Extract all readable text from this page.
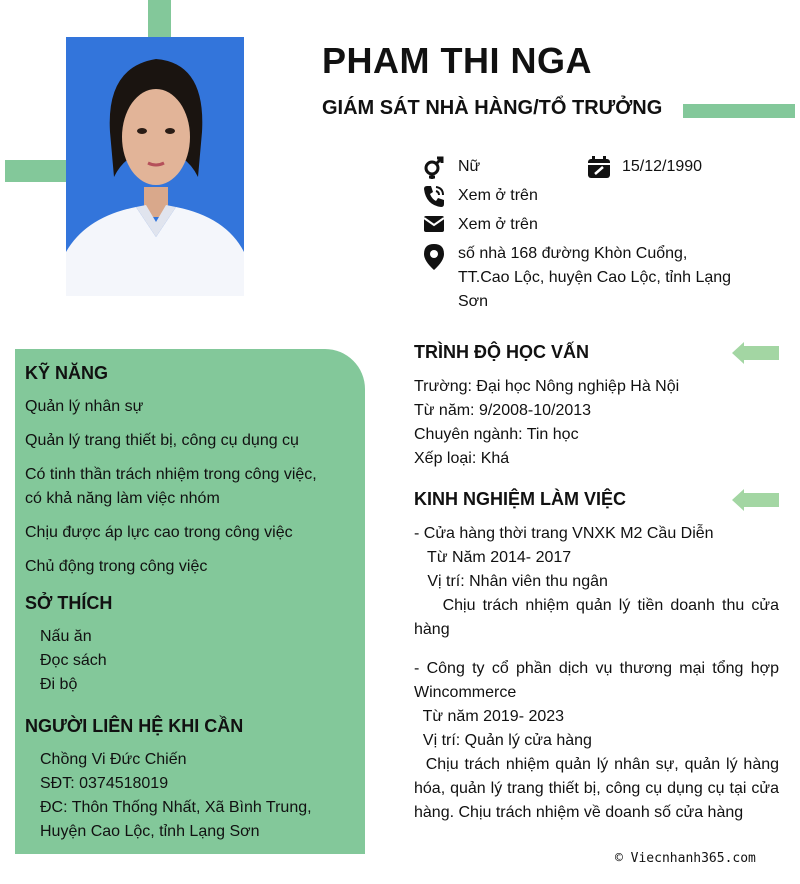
PHAM THI NGA
GIÁM SÁT NHÀ HÀNG/TỔ TRƯỞNG
Nữ	15/12/1990
Xem ở trên
Xem ở trên
số nhà 168 đường Khòn Cuổng,
TT.Cao Lộc, huyện Cao Lộc, tỉnh Lạng
Sơn
KỸ NĂNG
Quản lý nhân sự
Quản lý trang thiết bị, công cụ dụng cụ
Có tinh thần trách nhiệm trong công việc,
có khả năng làm việc nhóm
Chịu được áp lực cao trong công việc
Chủ động trong công việc
SỞ THÍCH
Nấu ăn
Đọc sách
Đi bộ
NGƯỜI LIÊN HỆ KHI CẦN
Chồng Vi Đức Chiến
SĐT: 0374518019
ĐC: Thôn Thống Nhất, Xã Bình Trung,
Huyện Cao Lộc, tỉnh Lạng Sơn
TRÌNH ĐỘ HỌC VẤN
Trường: Đại học Nông nghiệp Hà Nội
Từ năm: 9/2008-10/2013
Chuyên ngành: Tin học
Xếp loại: Khá
KINH NGHIỆM LÀM VIỆC
- Cửa hàng thời trang VNXK M2 Cầu Diễn
Từ Năm 2014- 2017
Vị trí: Nhân viên thu ngân
Chịu trách nhiệm quản lý tiền doanh thu cửa hàng
- Công ty cổ phần dịch vụ thương mại tổng hợp Wincommerce
Từ năm 2019- 2023
Vị trí: Quản lý cửa hàng
Chịu trách nhiệm quản lý nhân sự, quản lý hàng hóa, quản lý trang thiết bị, công cụ dụng cụ tại cửa hàng. Chịu trách nhiệm về doanh số cửa hàng
© Viecnhanh365.com
